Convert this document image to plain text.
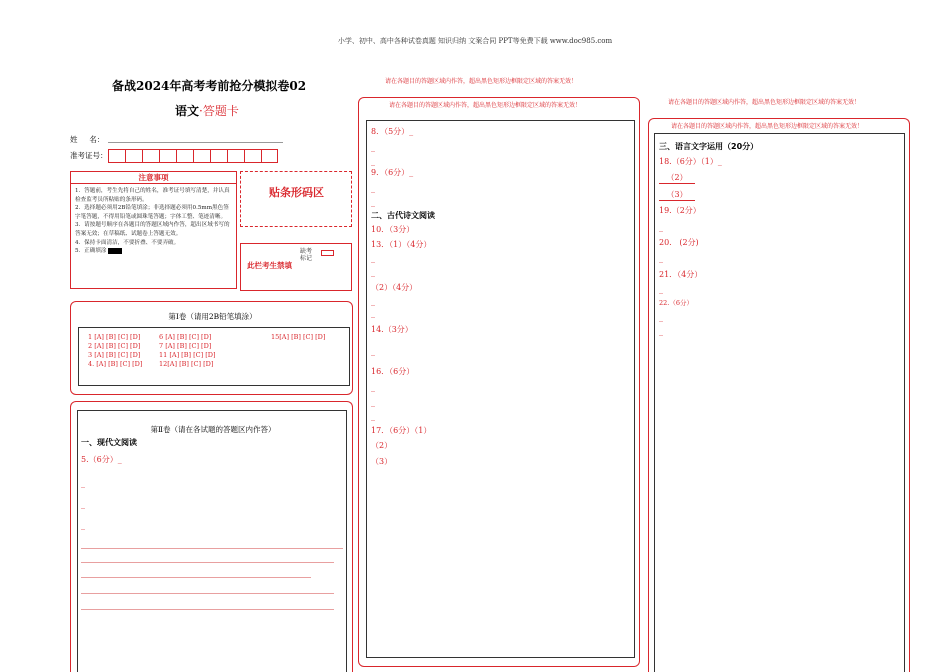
小学、初中、高中各种试卷真题 知识归纳 文案合同 PPT等免费下载 www.doc985.com
备战2024年高考考前抢分模拟卷02
语文·答题卡
姓     名：
准考证号：
注意事项
1．答题前，考生先将自己的姓名，准考证号填写清楚，并认真检查监考员所粘贴的条形码。
2．选择题必须用2B铅笔填涂；非选择题必须用0.5mm黑色签字笔答题，不得用铅笔或圆珠笔答题；字体工整、笔迹清晰。
3．请按题号顺序在各题目的答题区域内作答，超出区域书写的答案无效；在草稿纸、试题卷上答题无效。
4．保持卡面清洁，不要折叠、不要弄破。
5．正确填涂
贴条形码区
此栏考生禁填
缺考标记
第Ⅰ卷（请用2B铅笔填涂）
1 [A] [B] [C] [D]
2 [A] [B] [C] [D]
3 [A] [B] [C] [D]
4. [A] [B] [C] [D]
6 [A] [B] [C] [D]
7 [A] [B] [C] [D]
11 [A] [B] [C] [D]
12[A] [B] [C] [D]
15[A] [B] [C] [D]
第Ⅱ卷（请在各试题的答题区内作答）
一、现代文阅读
5.（6分）_
_
_
_
请在各题目的答题区域内作答，超出黑色矩形边框限定区域的答案无效！
请在各题目的答题区域内作答，超出黑色矩形边框限定区域的答案无效！
8．（5分）_
_
_
9．（6分）_
_
_
二、古代诗文阅读
10．（3分）
13．（1）（4分）
_
_
（2）（4分）
_
_
14.（3分）
_
16．（6分）
_
_
_
17．（6分）（1）
（2）
（3）
请在各题目的答题区域内作答，超出黑色矩形边框限定区域的答案无效！
请在各题目的答题区域内作答，超出黑色矩形边框限定区域的答案无效！
三、语言文字运用（20分）
18.（6分）（1）_
（2）
（3）
19.（2分）
_
20.   (2分)
_
21．（4分）
_
22.（6分）
_
_
